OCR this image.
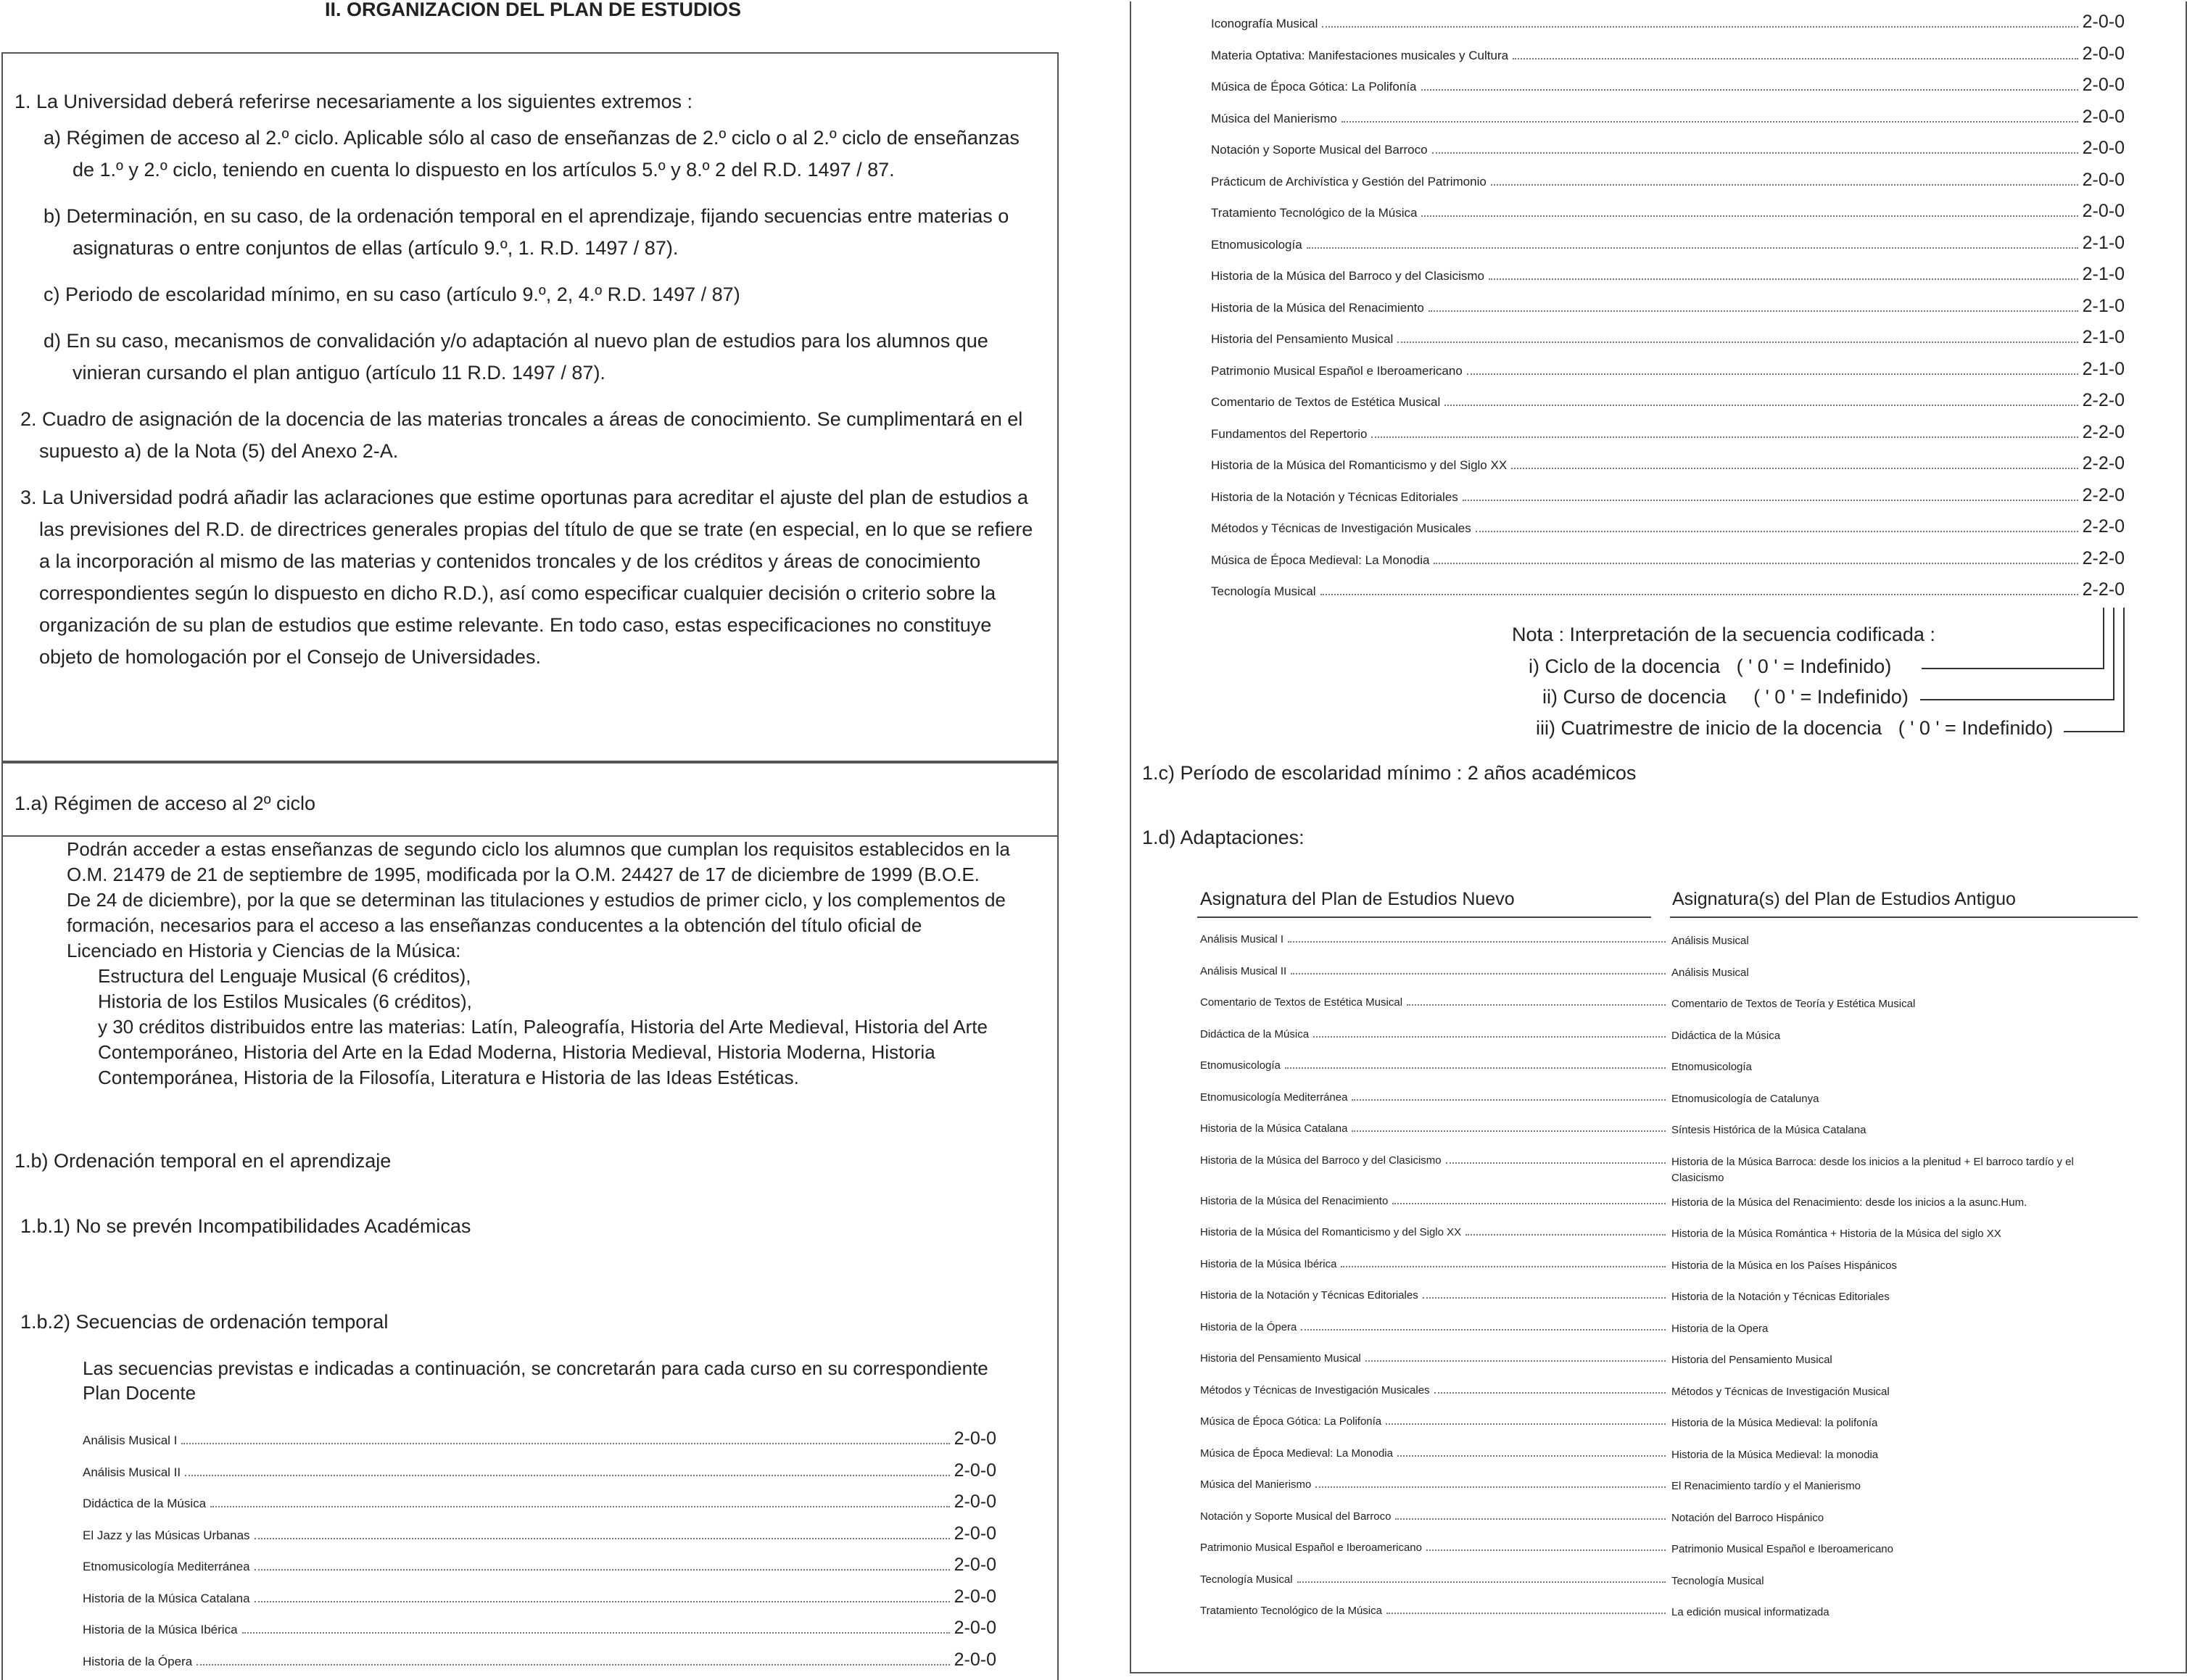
II. ORGANIZACION DEL PLAN DE ESTUDIOS

1. La Universidad deberá referirse necesariamente a los siguientes extremos :

a) Régimen de acceso al 2.º ciclo. Aplicable sólo al caso de enseñanzas de 2.º ciclo o al 2.º ciclo de enseñanzas

de 1.º y 2.º ciclo, teniendo en cuenta lo dispuesto en los artículos 5.º y 8.º 2 del R.D. 1497 / 87.

b) Determinación, en su caso, de la ordenación temporal en el aprendizaje, fijando secuencias entre materias o

asignaturas o entre conjuntos de ellas (artículo 9.º, 1. R.D. 1497 / 87).

c) Periodo de escolaridad mínimo, en su caso (artículo 9.º, 2, 4.º R.D. 1497 / 87)

d) En su caso, mecanismos de convalidación y/o adaptación al nuevo plan de estudios para los alumnos que

vinieran cursando el plan antiguo (artículo 11 R.D. 1497 / 87).

2. Cuadro de asignación de la docencia de las materias troncales a áreas de conocimiento. Se cumplimentará en el

supuesto a) de la Nota (5) del Anexo 2-A.

3. La Universidad podrá añadir las aclaraciones que estime oportunas para acreditar el ajuste del plan de estudios a

las previsiones del R.D. de directrices generales propias del título de que se trate (en especial, en lo que se refiere

a la incorporación al mismo de las materias y contenidos troncales y de los créditos y áreas de conocimiento

correspondientes según lo dispuesto en dicho R.D.), así como especificar cualquier decisión o criterio sobre la

organización de su plan de estudios que estime relevante. En todo caso, estas especificaciones no constituye

objeto de homologación por el Consejo de Universidades.

1.a) Régimen de acceso al 2º ciclo

Podrán acceder a estas enseñanzas de segundo ciclo los alumnos que cumplan los requisitos establecidos en la

O.M. 21479 de 21 de septiembre de 1995, modificada por la O.M. 24427 de 17 de diciembre de 1999 (B.O.E.

De 24 de diciembre), por la que se determinan las titulaciones y estudios de primer ciclo, y los complementos de

formación, necesarios para el acceso a las enseñanzas conducentes a la obtención del título oficial de

Licenciado en Historia y Ciencias de la Música:

Estructura del Lenguaje Musical (6 créditos),

Historia de los Estilos Musicales (6 créditos),

y 30 créditos distribuidos entre las materias: Latín, Paleografía, Historia del Arte Medieval, Historia del Arte

Contemporáneo, Historia del Arte en la Edad Moderna, Historia Medieval, Historia Moderna, Historia

Contemporánea, Historia de la Filosofía, Literatura e Historia de las Ideas Estéticas.

1.b) Ordenación temporal en el aprendizaje
1.b.1) No se prevén Incompatibilidades Académicas
1.b.2) Secuencias de ordenación temporal

Las secuencias previstas e indicadas a continuación, se concretarán para cada curso en su correspondiente

Plan Docente

Análisis Musical I	2-0-0
Análisis Musical II	2-0-0
Didáctica de la Música	2-0-0
El Jazz y las Músicas Urbanas	2-0-0
Etnomusicología Mediterránea	2-0-0
Historia de la Música Catalana	2-0-0
Historia de la Música Ibérica	2-0-0
Historia de la Ópera	2-0-0
Iconografía Musical	2-0-0
Materia Optativa: Manifestaciones musicales y Cultura	2-0-0
Música de Época Gótica: La Polifonía	2-0-0
Música del Manierismo	2-0-0
Notación y Soporte Musical del Barroco	2-0-0
Prácticum de Archivística y Gestión del Patrimonio	2-0-0
Tratamiento Tecnológico de la Música	2-0-0
Etnomusicología	2-1-0
Historia de la Música del Barroco y del Clasicismo	2-1-0
Historia de la Música del Renacimiento	2-1-0
Historia del Pensamiento Musical	2-1-0
Patrimonio Musical Español e Iberoamericano	2-1-0
Comentario de Textos de Estética Musical	2-2-0
Fundamentos del Repertorio	2-2-0
Historia de la Música del Romanticismo y del Siglo XX	2-2-0
Historia de la Notación y Técnicas Editoriales	2-2-0
Métodos y Técnicas de Investigación Musicales	2-2-0
Música de Época Medieval: La Monodia	2-2-0
Tecnología Musical	2-2-0
Nota : Interpretación de la secuencia codificada :
i) Ciclo de la docencia   ( ' 0 ' = Indefinido)
ii) Curso de docencia     ( ' 0 ' = Indefinido)
iii) Cuatrimestre de inicio de la docencia   ( ' 0 ' = Indefinido)
1.c) Período de escolaridad mínimo : 2 años académicos
1.d) Adaptaciones:
Asignatura del Plan de Estudios Nuevo	Asignatura(s) del Plan de Estudios Antiguo
Análisis Musical I	Análisis Musical
Análisis Musical II	Análisis Musical
Comentario de Textos de Estética Musical	Comentario de Textos de Teoría y Estética Musical
Didáctica de la Música	Didáctica de la Música
Etnomusicología	Etnomusicología
Etnomusicología Mediterránea	Etnomusicología de Catalunya
Historia de la Música Catalana	Síntesis Histórica de la Música Catalana
Historia de la Música del Barroco y del Clasicismo	Historia de la Música Barroca: desde los inicios a la plenitud + El barroco tardío y el Clasicismo
Historia de la Música del Renacimiento	Historia de la Música del Renacimiento: desde los inicios a la asunc.Hum.
Historia de la Música del Romanticismo y del Siglo XX	Historia de la Música Romántica + Historia de la Música del siglo XX
Historia de la Música Ibérica	Historia de la Música en los Países Hispánicos
Historia de la Notación y Técnicas Editoriales	Historia de la Notación y Técnicas Editoriales
Historia de la Ópera	Historia de la Opera
Historia del Pensamiento Musical	Historia del Pensamiento Musical
Métodos y Técnicas de Investigación Musicales	Métodos y Técnicas de Investigación Musical
Música de Época Gótica: La Polifonía	Historia de la Música Medieval: la polifonía
Música de Época Medieval: La Monodia	Historia de la Música Medieval: la monodia
Música del Manierismo	El Renacimiento tardío y el Manierismo
Notación y Soporte Musical del Barroco	Notación del Barroco Hispánico
Patrimonio Musical Español e Iberoamericano	Patrimonio Musical Español e Iberoamericano
Tecnología Musical	Tecnología Musical
Tratamiento Tecnológico de la Música	La edición musical informatizada
